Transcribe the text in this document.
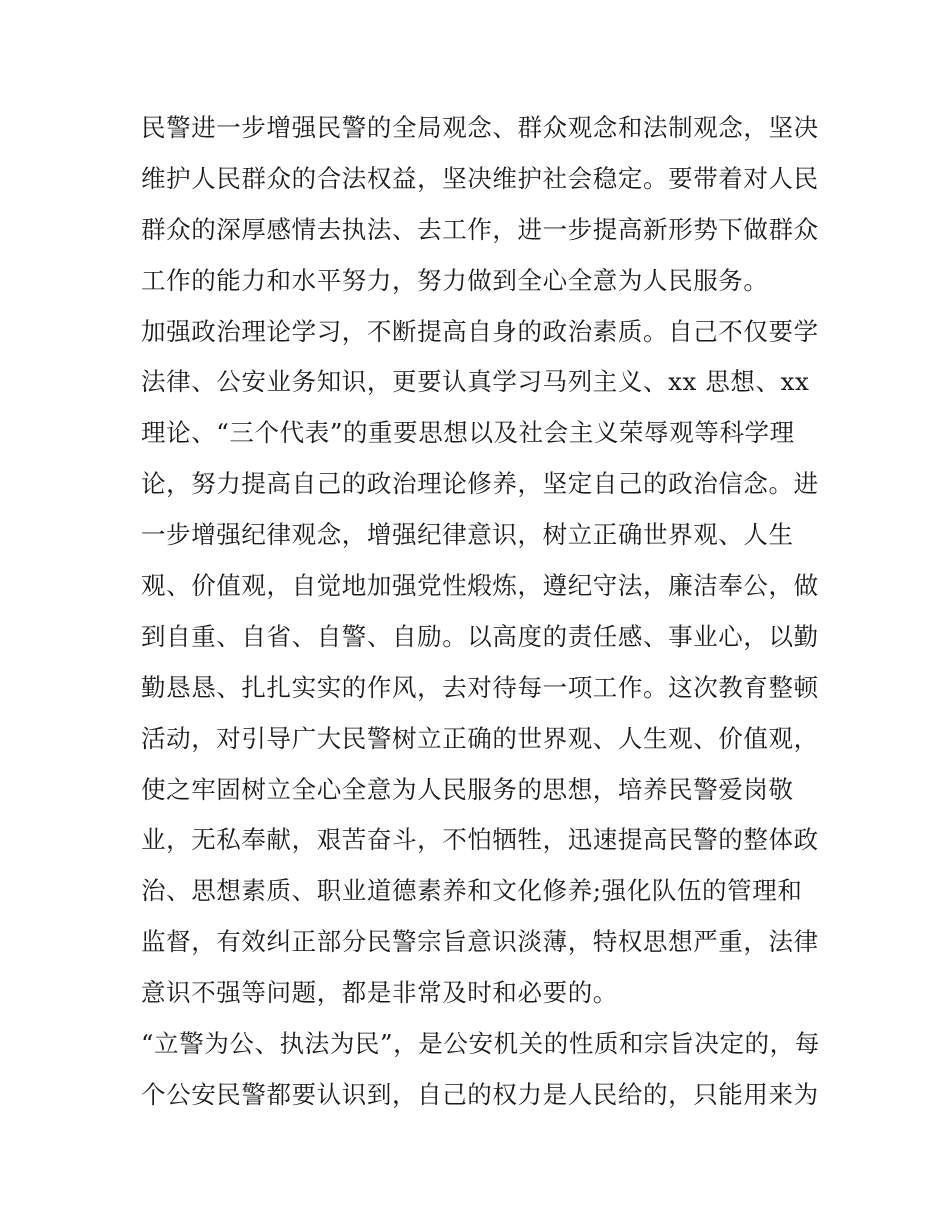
民警进一步增强民警的全局观念、群众观念和法制观念，坚决
维护人民群众的合法权益，坚决维护社会稳定。要带着对人民
群众的深厚感情去执法、去工作，进一步提高新形势下做群众
工作的能力和水平努力，努力做到全心全意为人民服务。
加强政治理论学习，不断提高自身的政治素质。自己不仅要学
法律、公安业务知识，更要认真学习马列主义、xx 思想、xx
理论、“三个代表”的重要思想以及社会主义荣辱观等科学理
论，努力提高自己的政治理论修养，坚定自己的政治信念。进
一步增强纪律观念，增强纪律意识，树立正确世界观、人生
观、价值观，自觉地加强党性煅炼，遵纪守法，廉洁奉公，做
到自重、自省、自警、自励。以高度的责任感、事业心，以勤
勤恳恳、扎扎实实的作风，去对待每一项工作。这次教育整顿
活动，对引导广大民警树立正确的世界观、人生观、价值观，
使之牢固树立全心全意为人民服务的思想，培养民警爱岗敬
业，无私奉献，艰苦奋斗，不怕牺牲，迅速提高民警的整体政
治、思想素质、职业道德素养和文化修养;强化队伍的管理和
监督，有效纠正部分民警宗旨意识淡薄，特权思想严重，法律
意识不强等问题，都是非常及时和必要的。
“立警为公、执法为民”，是公安机关的性质和宗旨决定的，每
个公安民警都要认识到，自己的权力是人民给的，只能用来为
